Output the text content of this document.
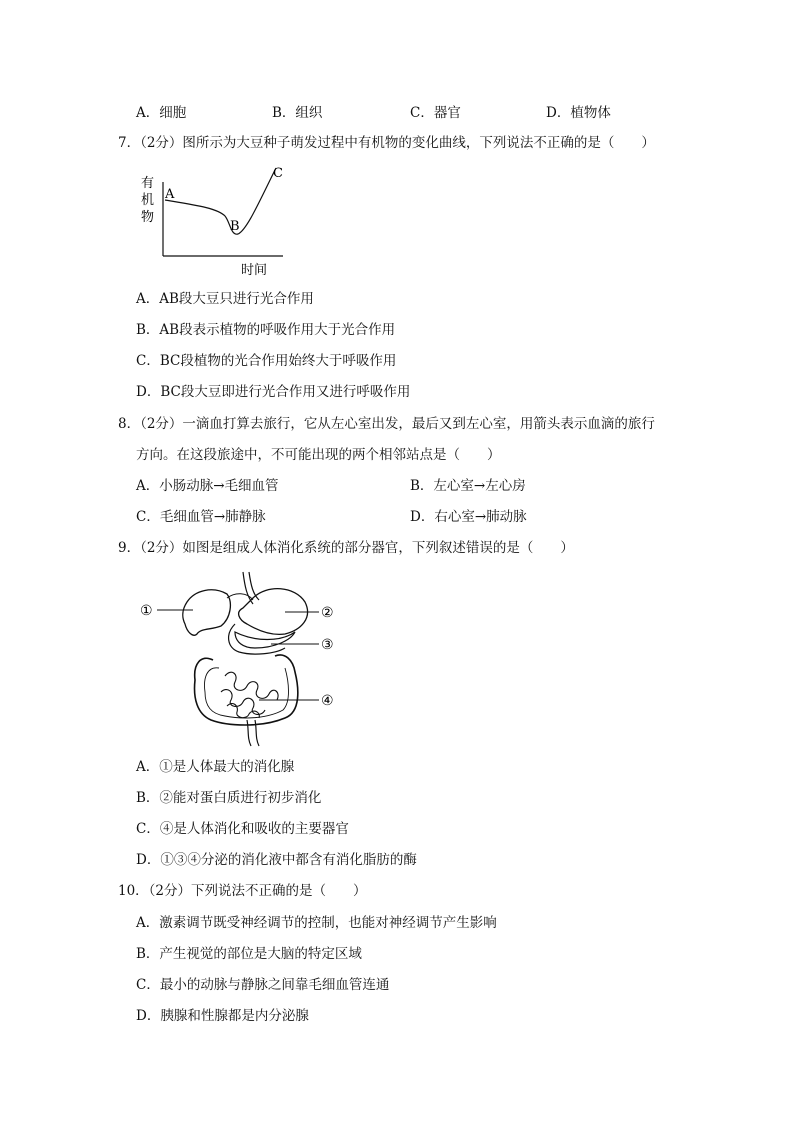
A．细胞	B．组织	C．器官	D．植物体
7．（2分）图所示为大豆种子萌发过程中有机物的变化曲线，下列说法不正确的是（　　）
有
机
物
A
B
C
时间
A．AB段大豆只进行光合作用
B．AB段表示植物的呼吸作用大于光合作用
C．BC段植物的光合作用始终大于呼吸作用
D．BC段大豆即进行光合作用又进行呼吸作用
8．（2分）一滴血打算去旅行，它从左心室出发，最后又到左心室，用箭头表示血滴的旅行
方向。在这段旅途中，不可能出现的两个相邻站点是（　　）
A．小肠动脉→毛细血管	B．左心室→左心房
C．毛细血管→肺静脉	D．右心室→肺动脉
9．（2分）如图是组成人体消化系统的部分器官，下列叙述错误的是（　　）
①	②
③
④
A．①是人体最大的消化腺
B．②能对蛋白质进行初步消化
C．④是人体消化和吸收的主要器官
D．①③④分泌的消化液中都含有消化脂肪的酶
10．（2分）下列说法不正确的是（　　）
A．激素调节既受神经调节的控制，也能对神经调节产生影响
B．产生视觉的部位是大脑的特定区域
C．最小的动脉与静脉之间靠毛细血管连通
D．胰腺和性腺都是内分泌腺
